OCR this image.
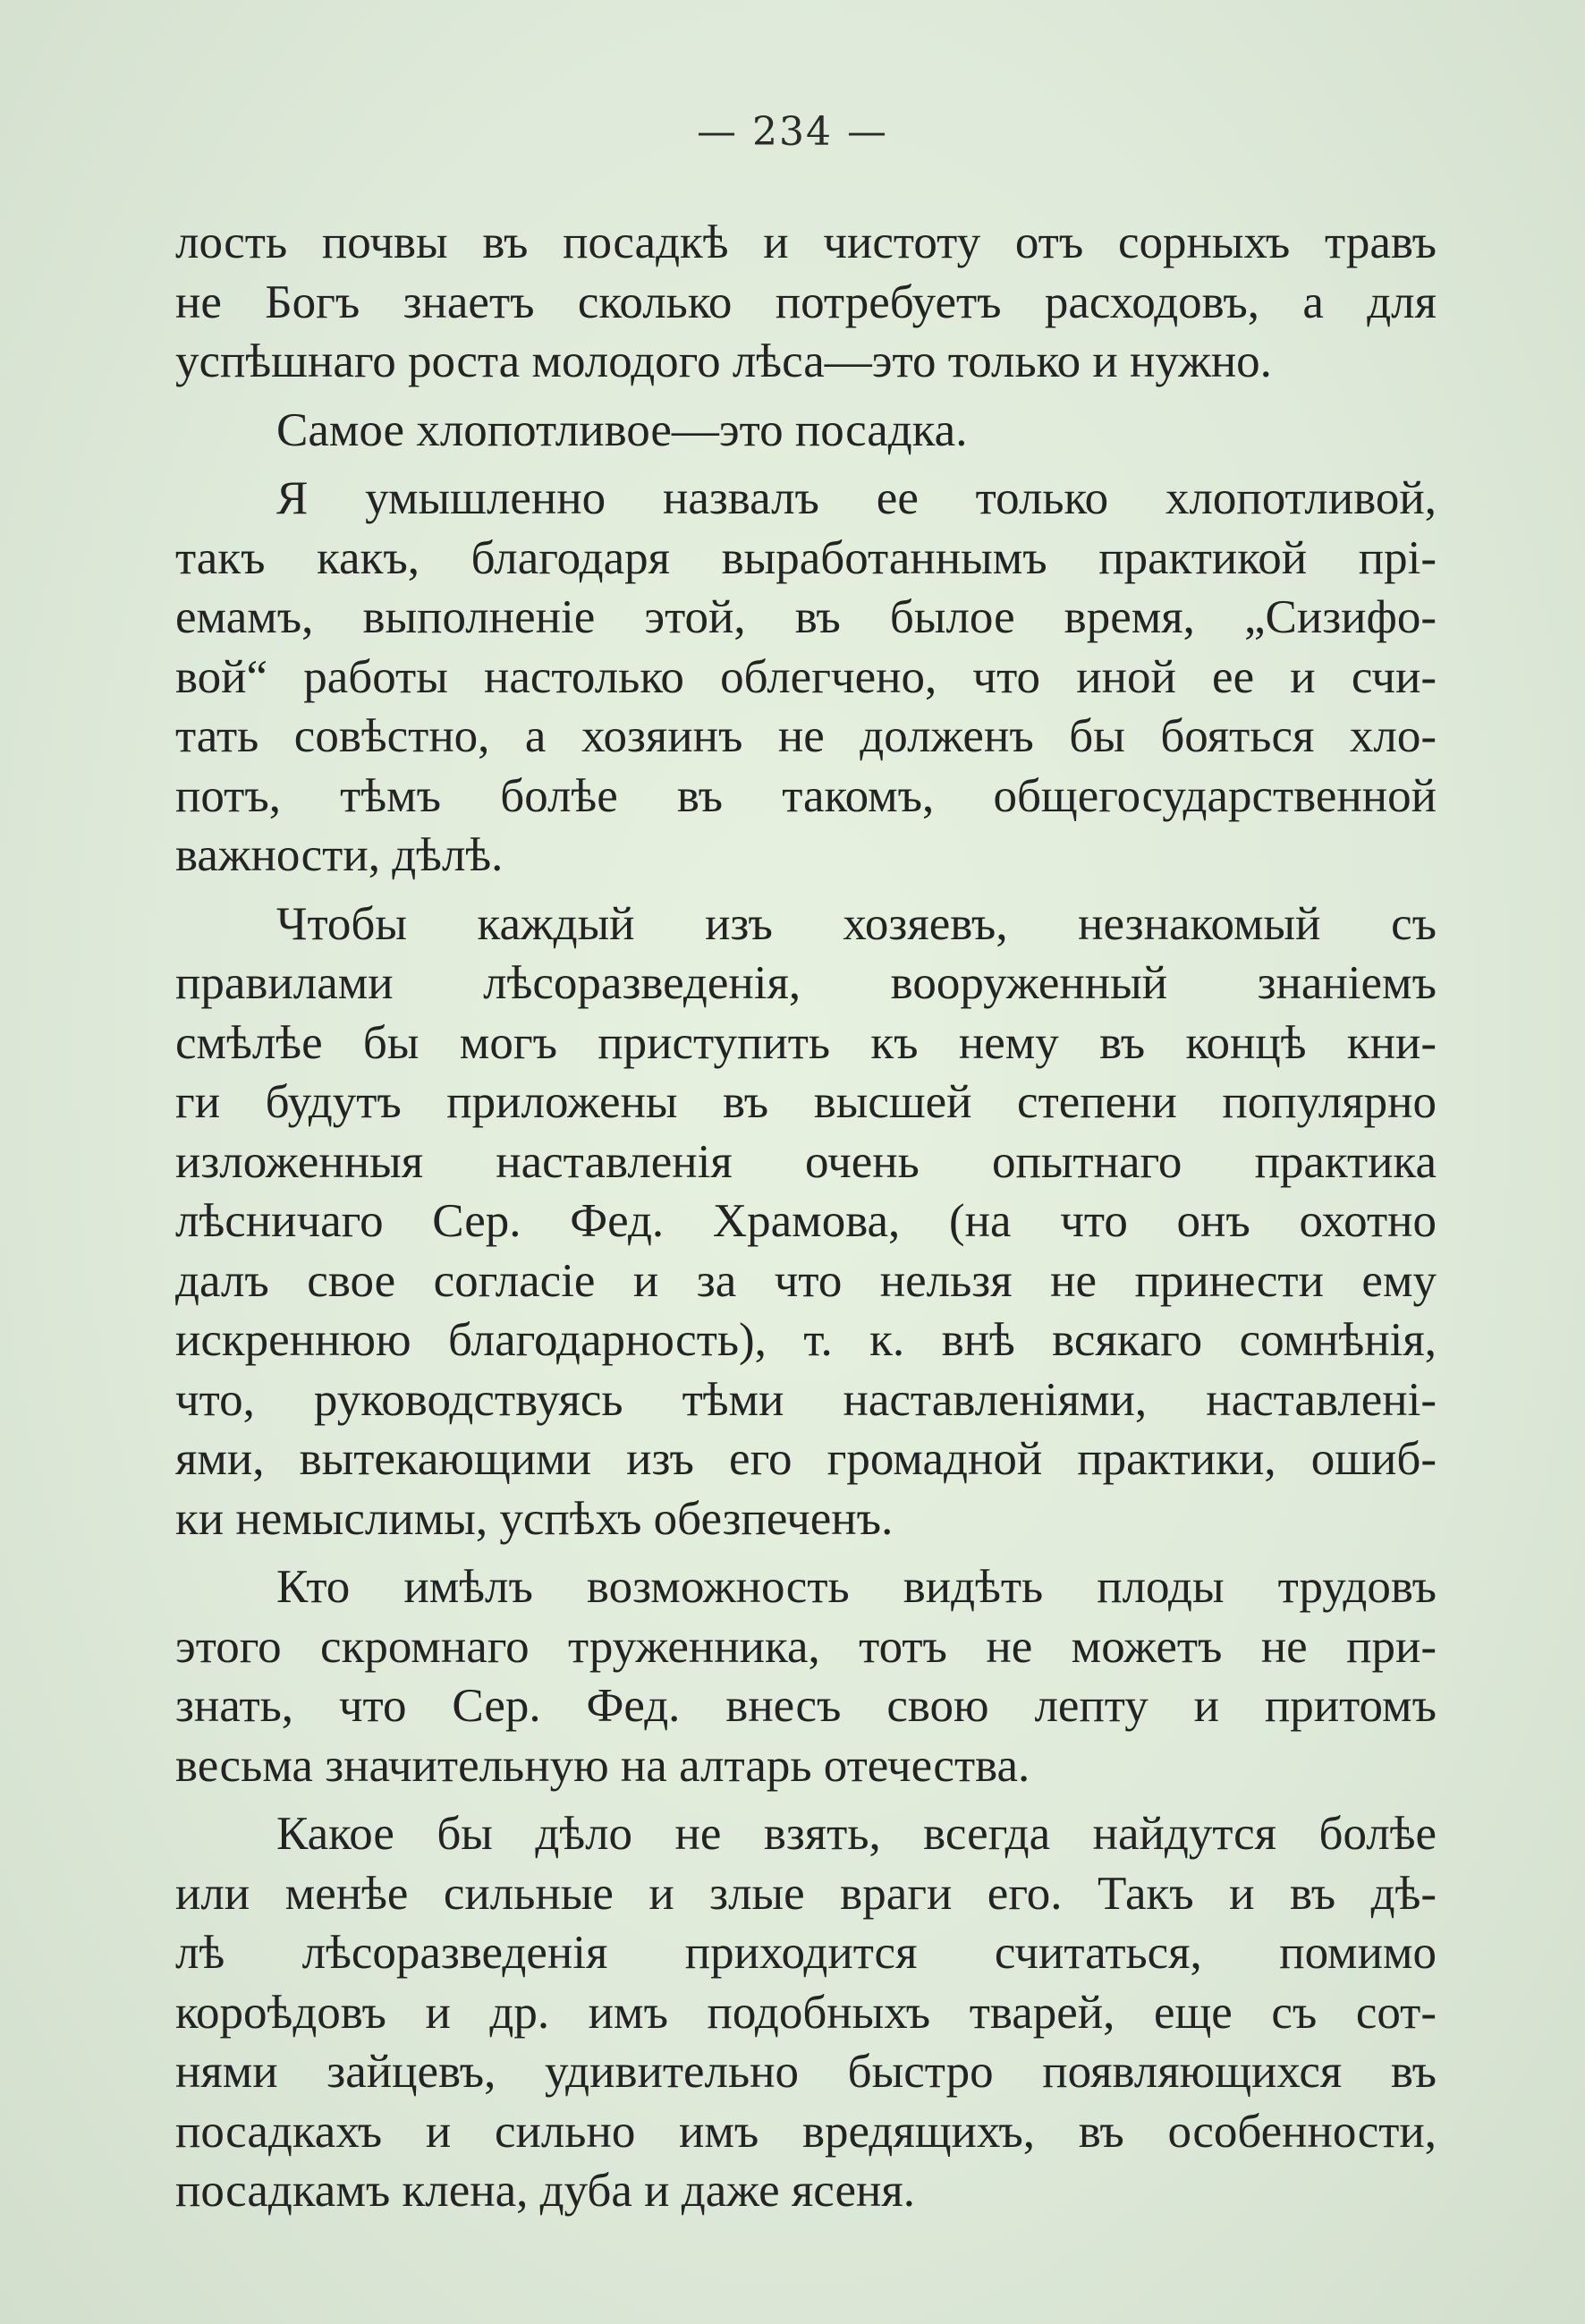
— 234 —
лость почвы въ посадкѣ и чистоту отъ сорныхъ травъ
не Богъ знаетъ сколько потребуетъ расходовъ, а для
успѣшнаго роста молодого лѣса—это только и нужно.
Самое хлопотливое—это посадка.
Я умышленно назвалъ ее только хлопотливой,
такъ какъ, благодаря выработаннымъ практикой прі-
емамъ, выполненіе этой, въ былое время, „Сизифо-
вой“ работы настолько облегчено, что иной ее и счи-
тать совѣстно, а хозяинъ не долженъ бы бояться хло-
потъ, тѣмъ болѣе въ такомъ, общегосударственной
важности, дѣлѣ.
Чтобы каждый изъ хозяевъ, незнакомый съ
правилами лѣсоразведенія, вооруженный знаніемъ
смѣлѣе бы могъ приступить къ нему въ концѣ кни-
ги будутъ приложены въ высшей степени популярно
изложенныя наставленія очень опытнаго практика
лѣсничаго Сер. Фед. Храмова, (на что онъ охотно
далъ свое согласіе и за что нельзя не принести ему
искреннюю благодарность), т. к. внѣ всякаго сомнѣнія,
что, руководствуясь тѣми наставленіями, наставлені-
ями, вытекающими изъ его громадной практики, ошиб-
ки немыслимы, успѣхъ обезпеченъ.
Кто имѣлъ возможность видѣть плоды трудовъ
этого скромнаго труженника, тотъ не можетъ не при-
знать, что Сер. Фед. внесъ свою лепту и притомъ
весьма значительную на алтарь отечества.
Какое бы дѣло не взять, всегда найдутся болѣе
или менѣе сильные и злые враги его. Такъ и въ дѣ-
лѣ лѣсоразведенія приходится считаться, помимо
короѣдовъ и др. имъ подобныхъ тварей, еще съ сот-
нями зайцевъ, удивительно быстро появляющихся въ
посадкахъ и сильно имъ вредящихъ, въ особенности,
посадкамъ клена, дуба и даже ясеня.
